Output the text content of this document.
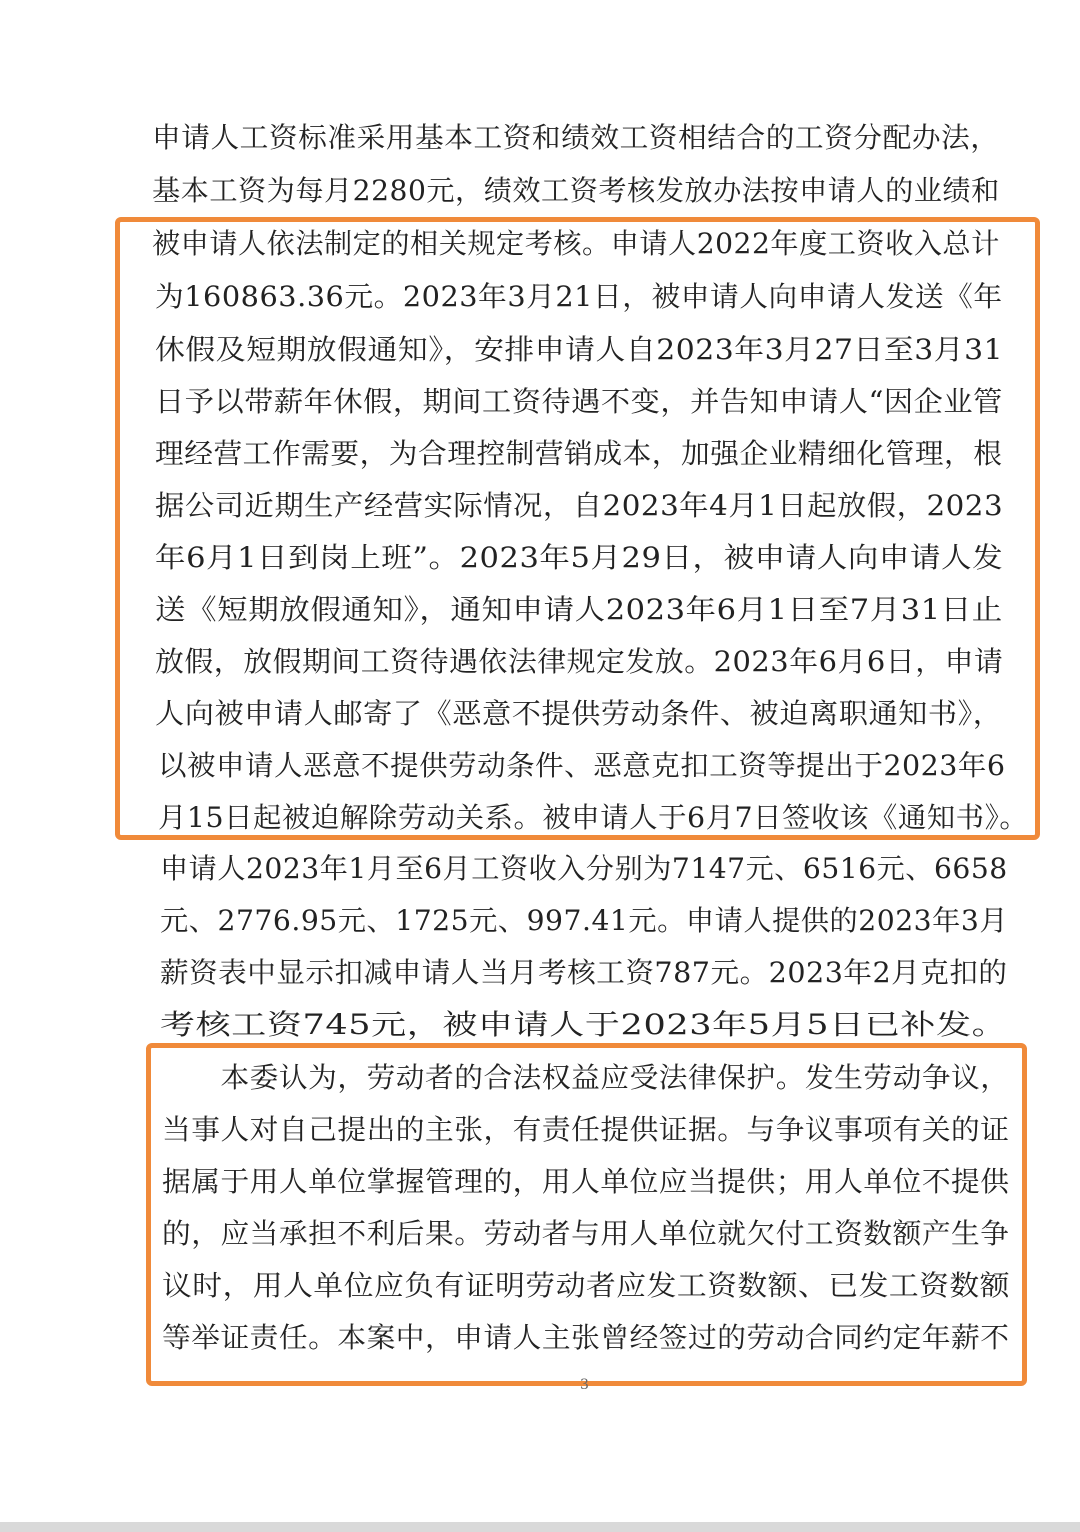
申请人工资标准采用基本工资和绩效工资相结合的工资分配办法，
基本工资为每月2280元，绩效工资考核发放办法按申请人的业绩和
被申请人依法制定的相关规定考核。申请人2022年度工资收入总计
为160863.36元。2023年3月21日，被申请人向申请人发送《年
休假及短期放假通知》，安排申请人自2023年3月27日至3月31
日予以带薪年休假，期间工资待遇不变，并告知申请人“因企业管
理经营工作需要，为合理控制营销成本，加强企业精细化管理，根
据公司近期生产经营实际情况，自2023年4月1日起放假，2023
年6月1日到岗上班”。2023年5月29日，被申请人向申请人发
送《短期放假通知》，通知申请人2023年6月1日至7月31日止
放假，放假期间工资待遇依法律规定发放。2023年6月6日，申请
人向被申请人邮寄了《恶意不提供劳动条件、被迫离职通知书》，
以被申请人恶意不提供劳动条件、恶意克扣工资等提出于2023年6
月15日起被迫解除劳动关系。被申请人于6月7日签收该《通知书》。
申请人2023年1月至6月工资收入分别为7147元、6516元、6658
元、2776.95元、1725元、997.41元。申请人提供的2023年3月
薪资表中显示扣减申请人当月考核工资787元。2023年2月克扣的
考核工资745元，被申请人于2023年5月5日已补发。
　　本委认为，劳动者的合法权益应受法律保护。发生劳动争议，
当事人对自己提出的主张，有责任提供证据。与争议事项有关的证
据属于用人单位掌握管理的，用人单位应当提供；用人单位不提供
的，应当承担不利后果。劳动者与用人单位就欠付工资数额产生争
议时，用人单位应负有证明劳动者应发工资数额、已发工资数额
等举证责任。本案中，申请人主张曾经签过的劳动合同约定年薪不
3
